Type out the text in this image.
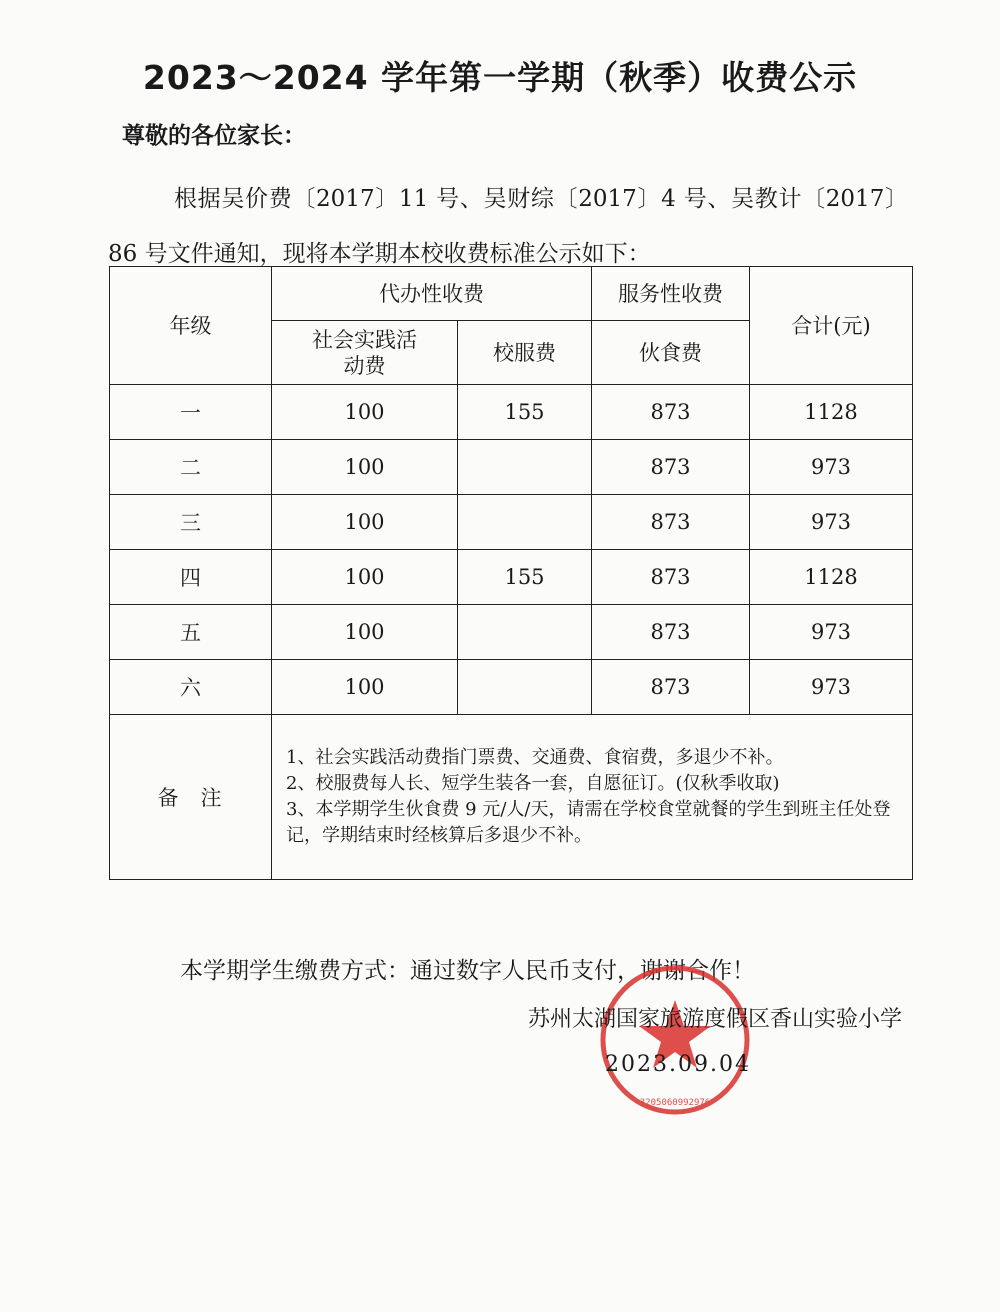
2023～2024 学年第一学期（秋季）收费公示
尊敬的各位家长：
根据吴价费〔2017〕11 号、吴财综〔2017〕4 号、吴教计〔2017〕86 号文件通知，现将本学期本校收费标准公示如下：
年级	代办性收费		服务性收费	合计(元)

	社会实践活动费	校服费	伙食费	
一	100	155	873	1128
二	100		873	973
三	100		873	973
四	100	155	873	1128
五	100		873	973
六	100		873	973
备注	1、社会实践活动费指门票费、交通费、食宿费，多退少不补。
2、校服费每人长、短学生装各一套，自愿征订。(仅秋季收取)
3、本学期学生伙食费 9 元/人/天，请需在学校食堂就餐的学生到班主任处登记，学期结束时经核算后多退少不补。			
本学期学生缴费方式：通过数字人民币支付，谢谢合作！
3205060992976
苏州太湖国家旅游度假区香山实验小学
2023.09.04
